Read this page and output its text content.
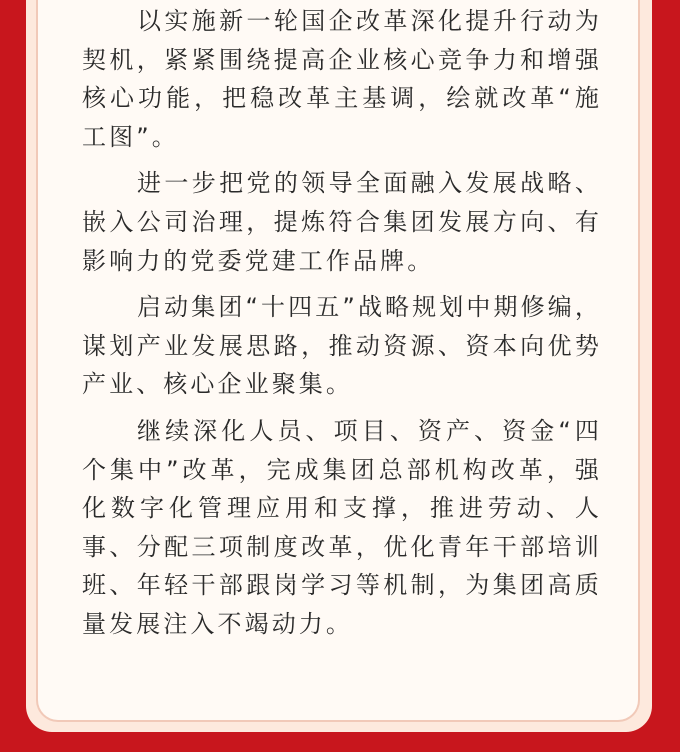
以实施新一轮国企改革深化提升行动为契机，紧紧围绕提高企业核心竞争力和增强核心功能，把稳改革主基调，绘就改革“施工图”。

进一步把党的领导全面融入发展战略、嵌入公司治理，提炼符合集团发展方向、有影响力的党委党建工作品牌。

启动集团“十四五”战略规划中期修编，谋划产业发展思路，推动资源、资本向优势产业、核心企业聚集。

继续深化人员、项目、资产、资金“四个集中”改革，完成集团总部机构改革，强化数字化管理应用和支撑，推进劳动、人事、分配三项制度改革，优化青年干部培训班、年轻干部跟岗学习等机制，为集团高质量发展注入不竭动力。
